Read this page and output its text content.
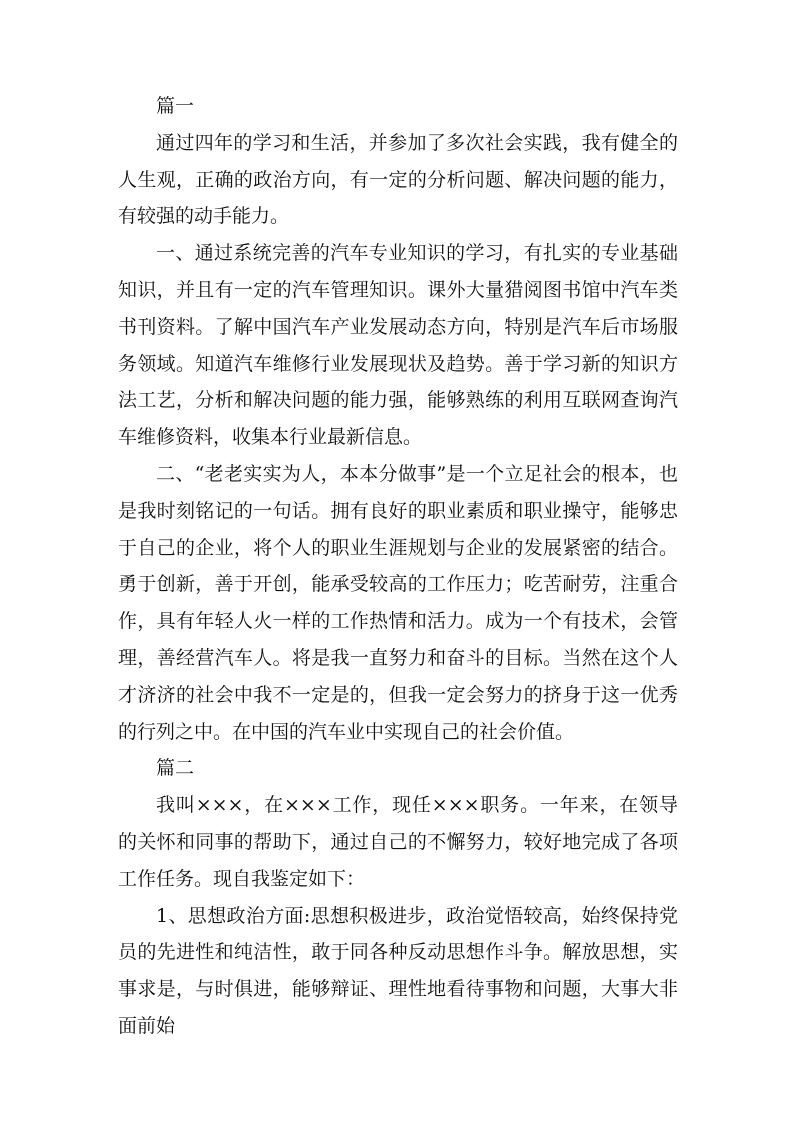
篇一

通过四年的学习和生活，并参加了多次社会实践，我有健全的人生观，正确的政治方向，有一定的分析问题、解决问题的能力，有较强的动手能力。

一、通过系统完善的汽车专业知识的学习，有扎实的专业基础知识，并且有一定的汽车管理知识。课外大量猎阅图书馆中汽车类书刊资料。了解中国汽车产业发展动态方向，特别是汽车后市场服务领域。知道汽车维修行业发展现状及趋势。善于学习新的知识方法工艺，分析和解决问题的能力强，能够熟练的利用互联网查询汽车维修资料，收集本行业最新信息。

二、“老老实实为人，本本分做事”是一个立足社会的根本，也是我时刻铭记的一句话。拥有良好的职业素质和职业操守，能够忠于自己的企业，将个人的职业生涯规划与企业的发展紧密的结合。勇于创新，善于开创，能承受较高的工作压力；吃苦耐劳，注重合作，具有年轻人火一样的工作热情和活力。成为一个有技术，会管理，善经营汽车人。将是我一直努力和奋斗的目标。当然在这个人才济济的社会中我不一定是的，但我一定会努力的挤身于这一优秀的行列之中。在中国的汽车业中实现自己的社会价值。

篇二

我叫×××，在×××工作，现任×××职务。一年来，在领导的关怀和同事的帮助下，通过自己的不懈努力，较好地完成了各项工作任务。现自我鉴定如下：

1、思想政治方面:思想积极进步，政治觉悟较高，始终保持党员的先进性和纯洁性，敢于同各种反动思想作斗争。解放思想，实事求是，与时俱进，能够辩证、理性地看待事物和问题，大事大非面前始
